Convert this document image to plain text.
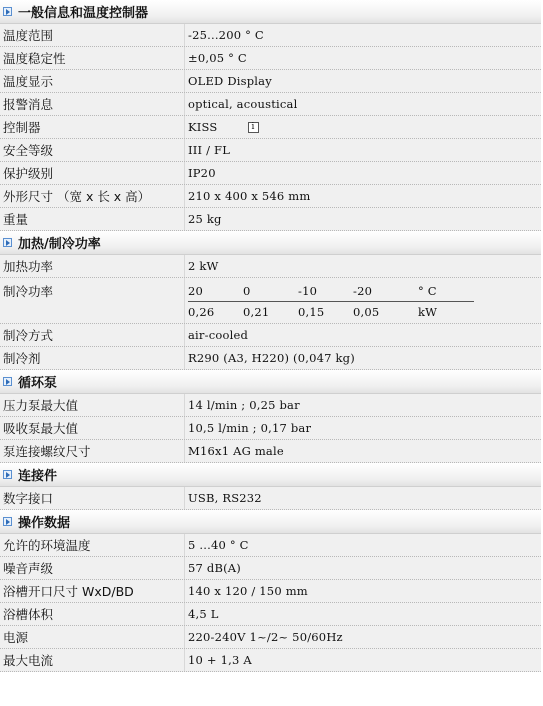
一般信息和温度控制器
温度范围	-25...200 ° C
温度稳定性	±0,05 ° C
温度显示	OLED Display
报警消息	optical, acoustical
控制器	KISS	i
安全等级	III / FL
保护级别	IP20
外形尺寸 （宽 x 长 x 高）	210 x 400 x 546 mm
重量	25 kg
加热/制冷功率
加热功率	2 kW
制冷功率	20	0	-10	-20	° C
0,26	0,21	0,15	0,05	kW
制冷方式	air-cooled
制冷剂	R290 (A3, H220) (0,047 kg)
循环泵
压力泵最大值	14 l/min ; 0,25 bar
吸收泵最大值	10,5 l/min ; 0,17 bar
泵连接螺纹尺寸	M16x1 AG male
连接件
数字接口	USB, RS232
操作数据
允许的环境温度	5 ...40 ° C
噪音声级	57 dB(A)
浴槽开口尺寸 WxD/BD	140 x 120 / 150 mm
浴槽体积	4,5 L
电源	220-240V 1~/2~ 50/60Hz
最大电流	10 + 1,3 A
